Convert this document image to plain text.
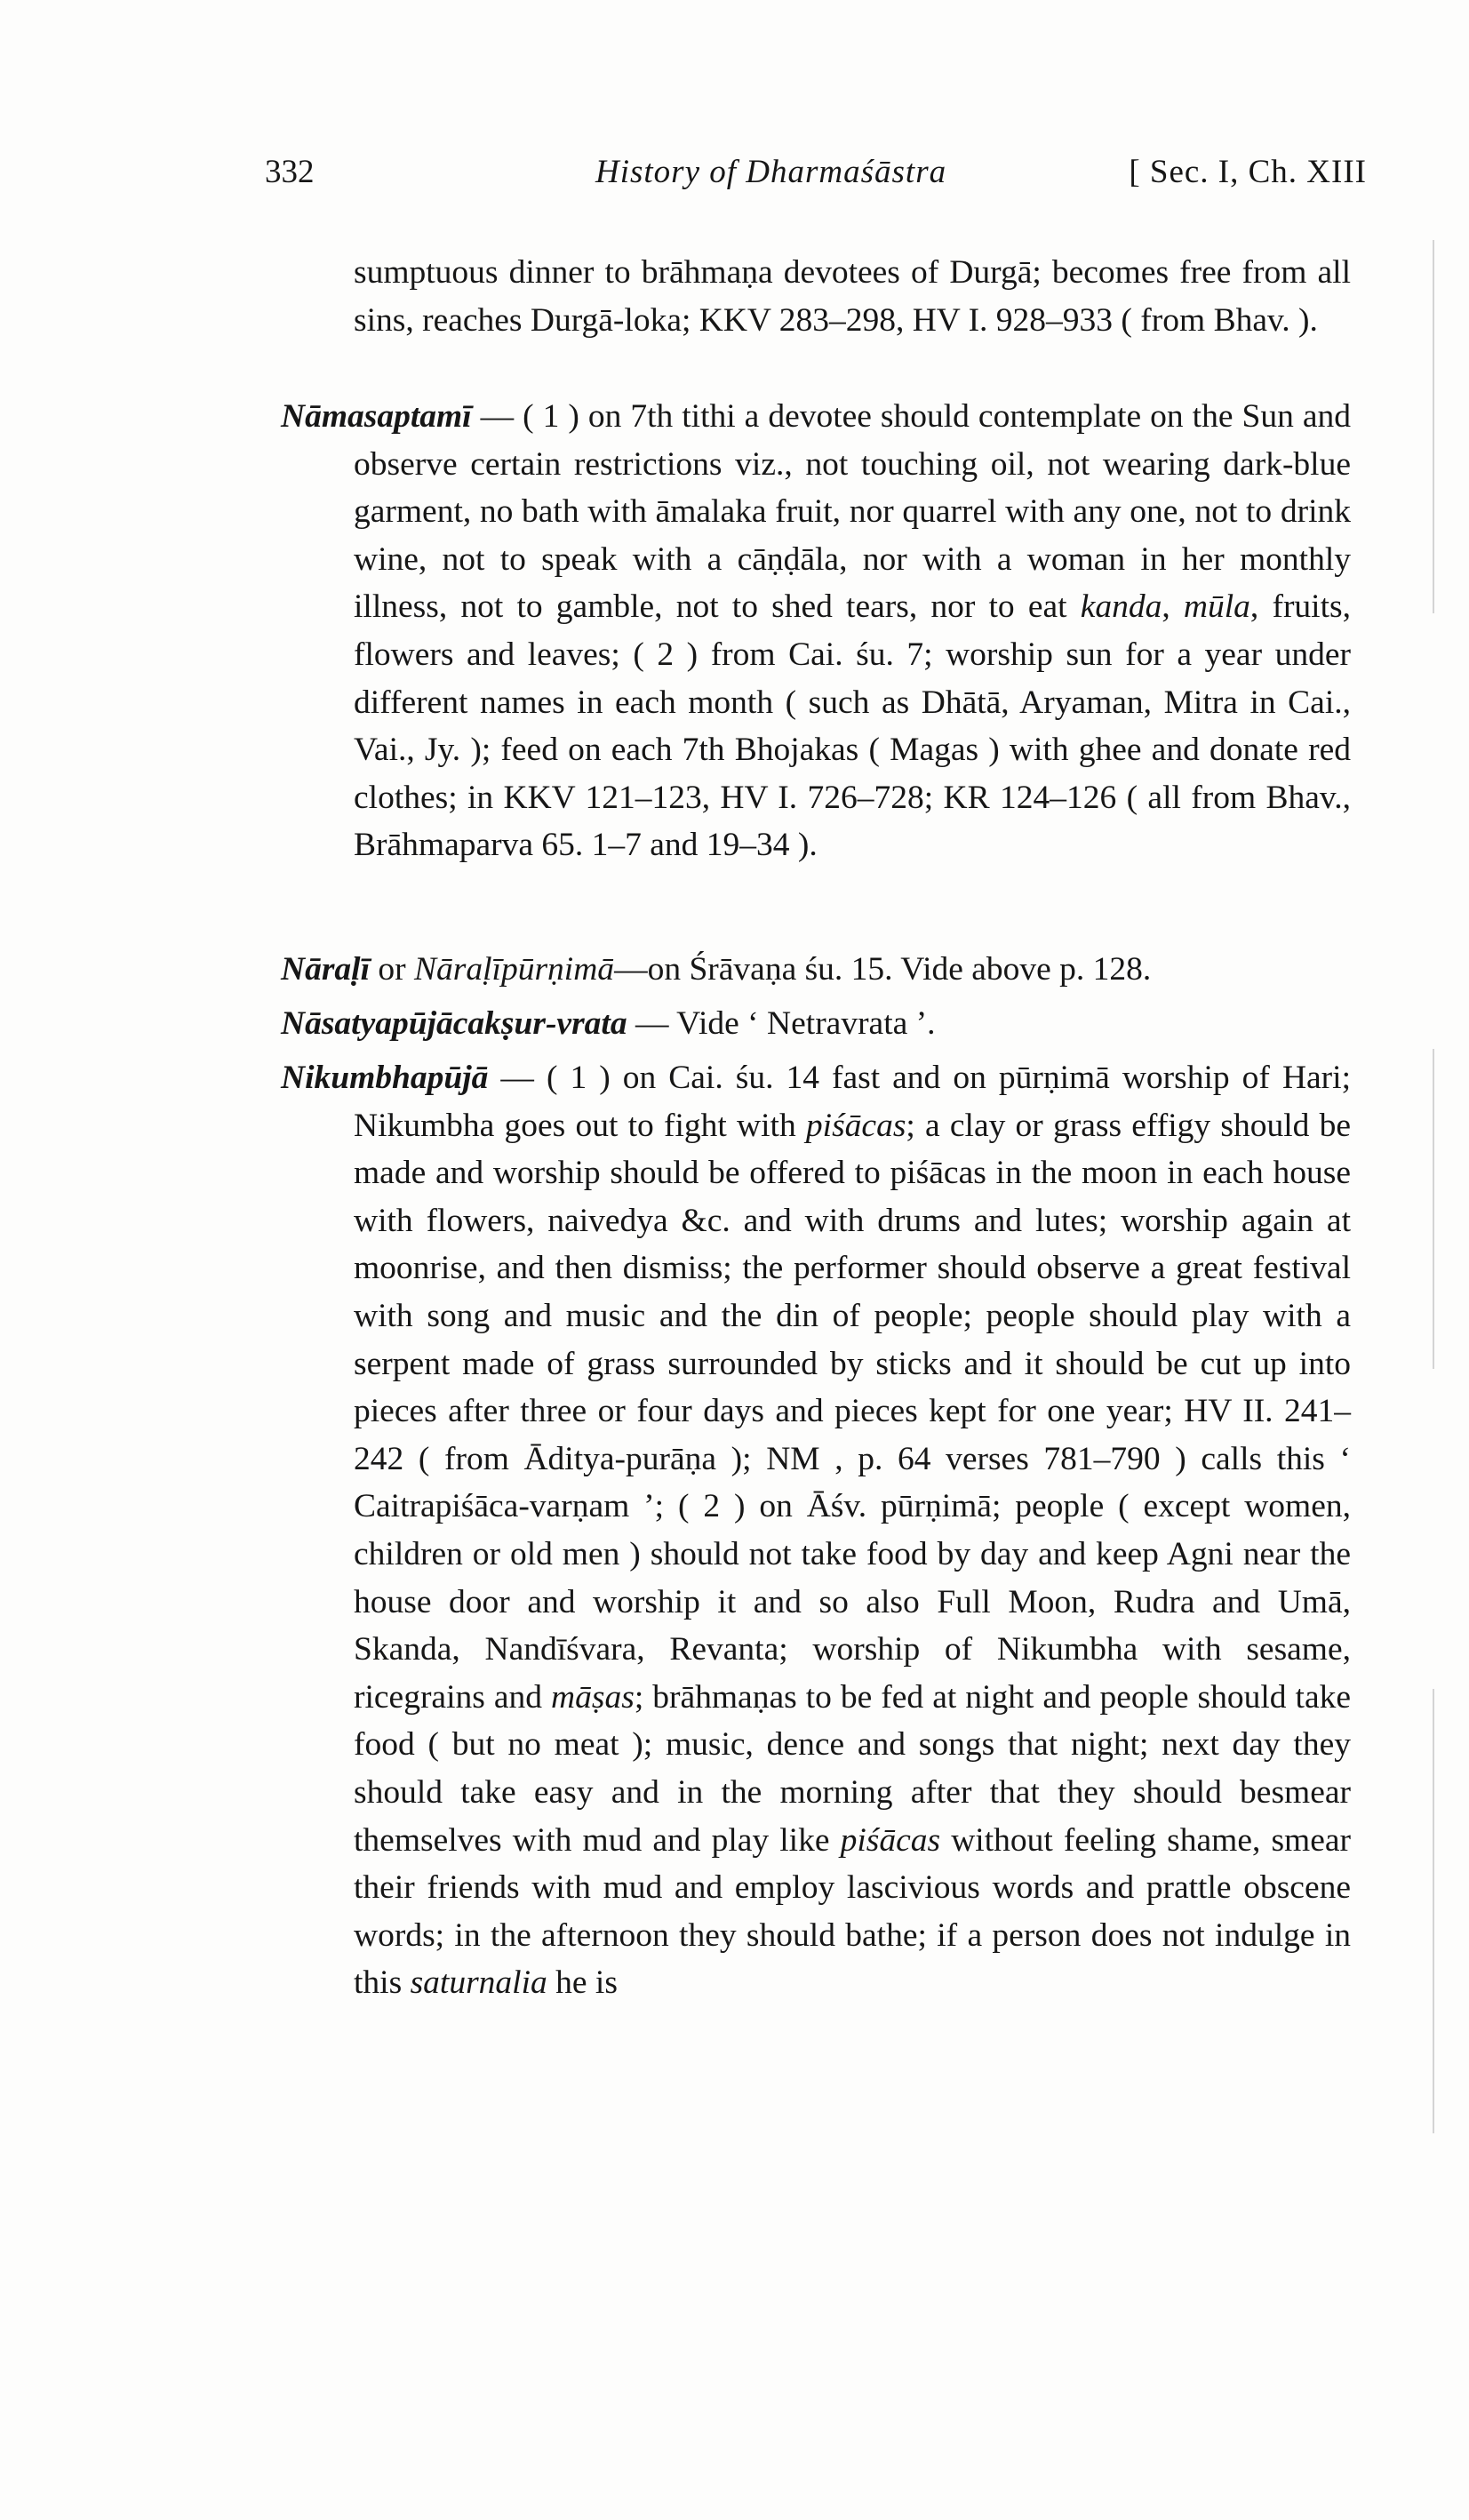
332	History of Dharmaśāstra	[ Sec. I, Ch. XIII

sumptuous dinner to brāhmaṇa devotees of Durgā; becomes free from all sins, reaches Durgā-loka; KKV 283–298, HV I. 928–933 ( from Bhav. ).

Nāmasaptamī — ( 1 ) on 7th tithi a devotee should contemplate on the Sun and observe certain restrictions viz., not touching oil, not wearing dark-blue garment, no bath with āmalaka fruit, nor quarrel with any one, not to drink wine, not to speak with a cāṇḍāla, nor with a woman in her monthly illness, not to gamble, not to shed tears, nor to eat kanda, mūla, fruits, flowers and leaves; ( 2 ) from Cai. śu. 7; worship sun for a year under different names in each month ( such as Dhātā, Aryaman, Mitra in Cai., Vai., Jy. ); feed on each 7th Bhojakas ( Magas ) with ghee and donate red clothes; in KKV 121–123, HV I. 726–728; KR 124–126 ( all from Bhav., Brāhmaparva 65. 1–7 and 19–34 ).

Nāraḷī or Nāraḷīpūrṇimā—on Śrāvaṇa śu. 15. Vide above p. 128.

Nāsatyapūjācakṣur-vrata — Vide ‘ Netravrata ’.

Nikumbhapūjā — ( 1 ) on Cai. śu. 14 fast and on pūrṇimā worship of Hari; Nikumbha goes out to fight with piśācas; a clay or grass effigy should be made and worship should be offered to piśācas in the moon in each house with flowers, naivedya &c. and with drums and lutes; worship again at moonrise, and then dismiss; the performer should observe a great festival with song and music and the din of people; people should play with a serpent made of grass surrounded by sticks and it should be cut up into pieces after three or four days and pieces kept for one year; HV II. 241–242 ( from Āditya-purāṇa ); NM , p. 64 verses 781–790 ) calls this ‘ Caitrapiśāca-varṇam ’; ( 2 ) on Āśv. pūrṇimā; people ( except women, children or old men ) should not take food by day and keep Agni near the house door and worship it and so also Full Moon, Rudra and Umā, Skanda, Nandīśvara, Revanta; worship of Nikumbha with sesame, ricegrains and māṣas; brāhmaṇas to be fed at night and people should take food ( but no meat ); music, dence and songs that night; next day they should take easy and in the morning after that they should besmear themselves with mud and play like piśācas without feeling shame, smear their friends with mud and employ lascivious words and prattle obscene words; in the afternoon they should bathe; if a person does not indulge in this saturnalia he is
